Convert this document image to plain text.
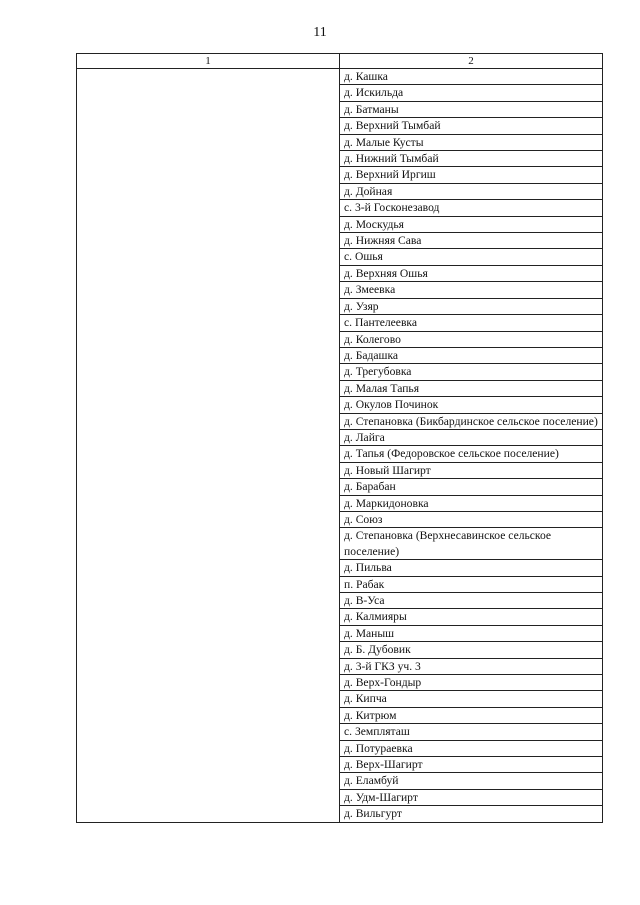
11
1	2
	д. Кашка
	д. Искильда
	д. Батманы
	д. Верхний Тымбай
	д. Малые Кусты
	д. Нижний Тымбай
	д. Верхний Иргиш
	д. Дойная
	с. 3-й Госконезавод
	д. Москудья
	д. Нижняя Сава
	с. Ошья
	д. Верхняя Ошья
	д. Змеевка
	д. Узяр
	с. Пантелеевка
	д. Колегово
	д. Бадашка
	д. Трегубовка
	д. Малая Тапья
	д. Окулов Починок
	д. Степановка (Бикбардинское сельское поселение)
	д. Лайга
	д. Тапья (Федоровское сельское поселение)
	д. Новый Шагирт
	д. Барабан
	д. Маркидоновка
	д. Союз
	д. Степановка (Верхнесавинское сельское поселение)
	д. Пильва
	п. Рабак
	д. В-Уса
	д. Калмияры
	д. Маныш
	д. Б. Дубовик
	д. 3-й ГКЗ уч. 3
	д. Верх-Гондыр
	д. Кипча
	д. Китрюм
	с. Земпляташ
	д. Потураевка
	д. Верх-Шагирт
	д. Еламбуй
	д. Удм-Шагирт
	д. Вильгурт
